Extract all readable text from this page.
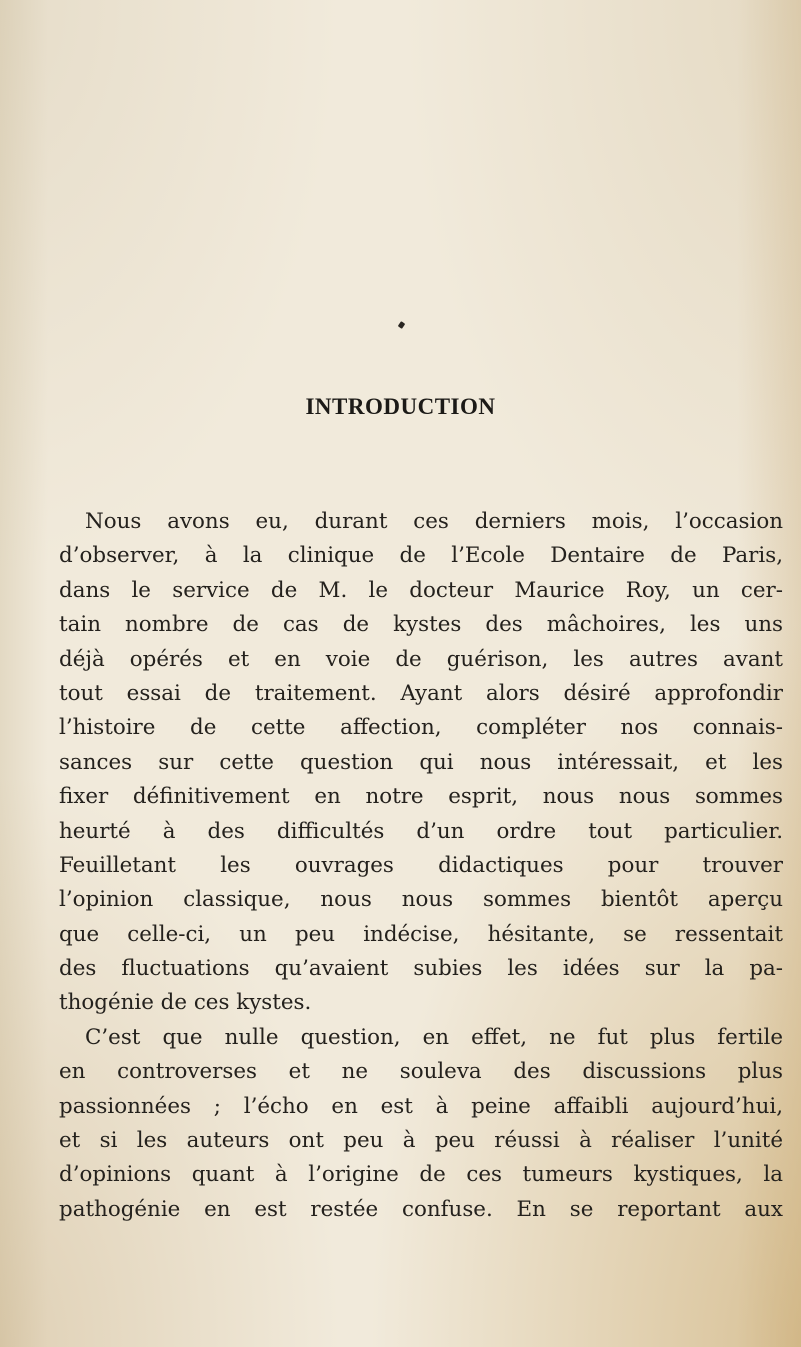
INTRODUCTION
Nous avons eu, durant ces derniers mois, l’occasion
d’observer, à la clinique de l’Ecole Dentaire de Paris,
dans le service de M. le docteur Maurice Roy, un cer-
tain nombre de cas de kystes des mâchoires, les uns
déjà opérés et en voie de guérison, les autres avant
tout essai de traitement. Ayant alors désiré approfondir
l’histoire de cette affection, compléter nos connais-
sances sur cette question qui nous intéressait, et les
fixer définitivement en notre esprit, nous nous sommes
heurté à des difficultés d’un ordre tout particulier.
Feuilletant les ouvrages didactiques pour trouver
l’opinion classique, nous nous sommes bientôt aperçu
que celle-ci, un peu indécise, hésitante, se ressentait
des fluctuations qu’avaient subies les idées sur la pa-
thogénie de ces kystes.
C’est que nulle question, en effet, ne fut plus fertile
en controverses et ne souleva des discussions plus
passionnées ; l’écho en est à peine affaibli aujourd’hui,
et si les auteurs ont peu à peu réussi à réaliser l’unité
d’opinions quant à l’origine de ces tumeurs kystiques, la
pathogénie en est restée confuse. En se reportant aux
